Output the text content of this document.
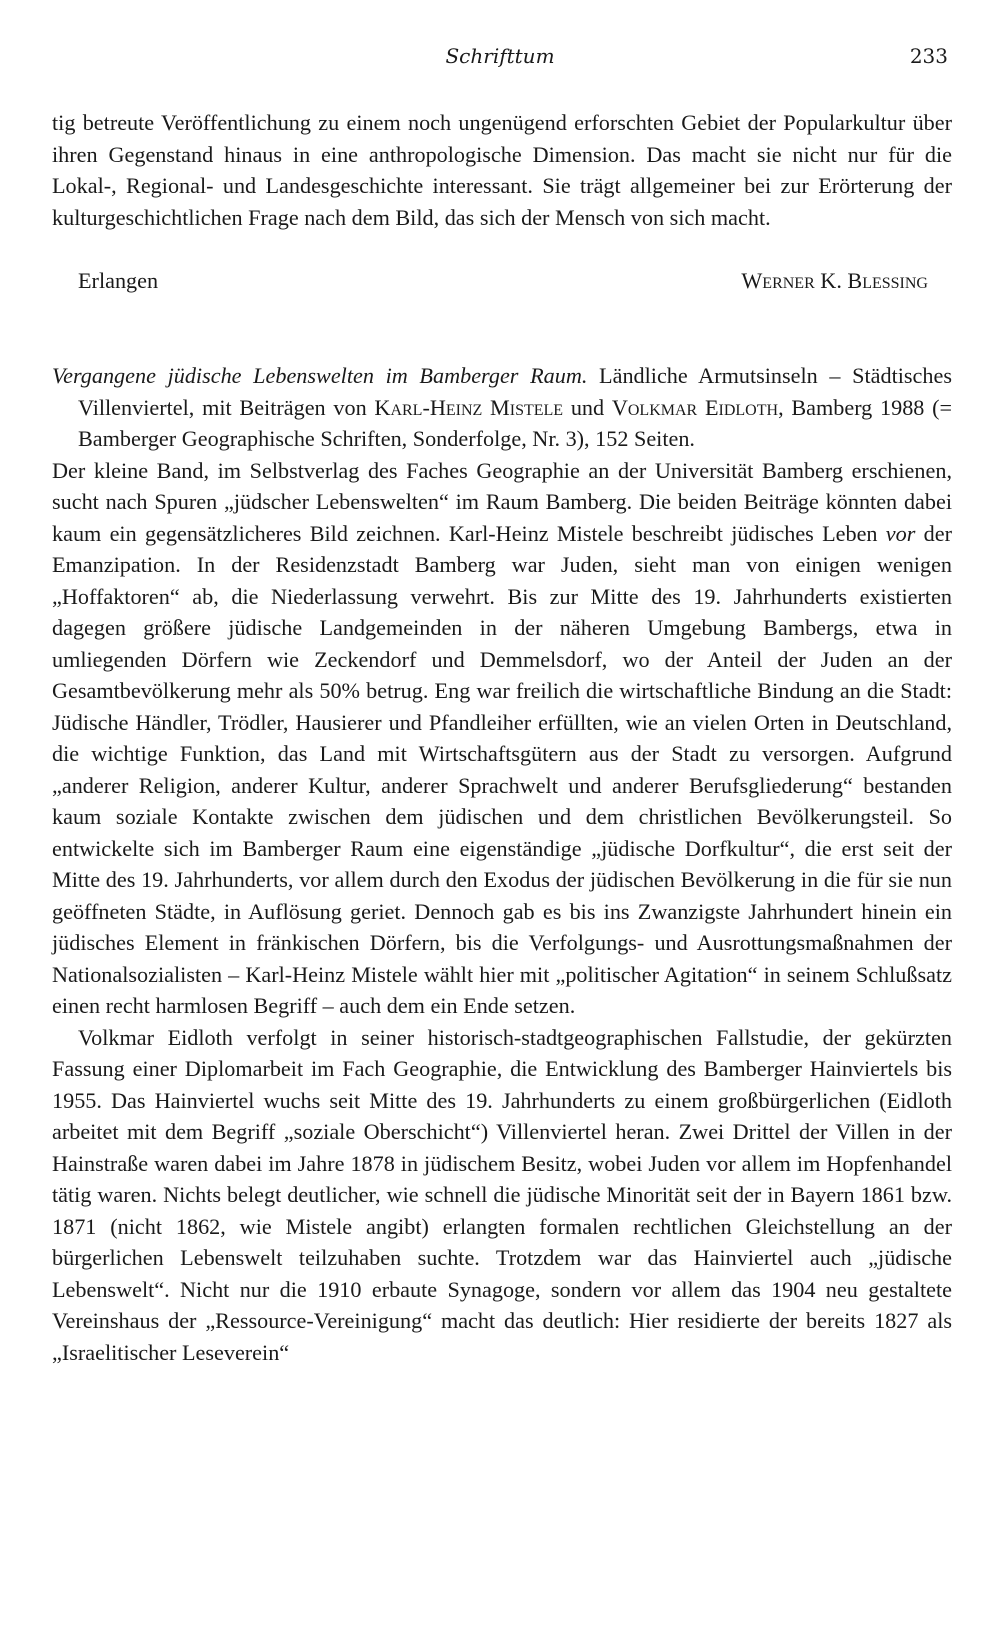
Schrifttum	233

tig betreute Veröffentlichung zu einem noch ungenügend erforschten Gebiet der Popularkultur über ihren Gegenstand hinaus in eine anthropologische Dimension. Das macht sie nicht nur für die Lokal-, Regional- und Landesgeschichte interessant. Sie trägt allgemeiner bei zur Erörterung der kulturgeschichtlichen Frage nach dem Bild, das sich der Mensch von sich macht.

Erlangen	Werner K. Blessing

Vergangene jüdische Lebenswelten im Bamberger Raum. Ländliche Armutsinseln – Städtisches Villenviertel, mit Beiträgen von Karl-Heinz Mistele und Volkmar Eidloth, Bamberg 1988 (= Bamberger Geographische Schriften, Sonderfolge, Nr. 3), 152 Seiten.

Der kleine Band, im Selbstverlag des Faches Geographie an der Universität Bamberg erschienen, sucht nach Spuren „jüdscher Lebenswelten“ im Raum Bamberg. Die beiden Beiträge könnten dabei kaum ein gegensätzlicheres Bild zeichnen. Karl-Heinz Mistele beschreibt jüdisches Leben vor der Emanzipation. In der Residenzstadt Bamberg war Juden, sieht man von einigen wenigen „Hoffaktoren“ ab, die Niederlassung verwehrt. Bis zur Mitte des 19. Jahrhunderts existierten dagegen größere jüdische Landgemeinden in der näheren Umgebung Bambergs, etwa in umliegenden Dörfern wie Zeckendorf und Demmelsdorf, wo der Anteil der Juden an der Gesamtbevölkerung mehr als 50% betrug. Eng war freilich die wirtschaftliche Bindung an die Stadt: Jüdische Händler, Trödler, Hausierer und Pfandleiher erfüllten, wie an vielen Orten in Deutschland, die wichtige Funktion, das Land mit Wirtschaftsgütern aus der Stadt zu versorgen. Aufgrund „anderer Religion, anderer Kultur, anderer Sprachwelt und anderer Berufsgliederung“ bestanden kaum soziale Kontakte zwischen dem jüdischen und dem christlichen Bevölkerungsteil. So entwickelte sich im Bamberger Raum eine eigenständige „jüdische Dorfkultur“, die erst seit der Mitte des 19. Jahrhunderts, vor allem durch den Exodus der jüdischen Bevölkerung in die für sie nun geöffneten Städte, in Auflösung geriet. Dennoch gab es bis ins Zwanzigste Jahrhundert hinein ein jüdisches Element in fränkischen Dörfern, bis die Verfolgungs- und Ausrottungsmaßnahmen der Nationalsozialisten – Karl-Heinz Mistele wählt hier mit „politischer Agitation“ in seinem Schlußsatz einen recht harmlosen Begriff – auch dem ein Ende setzen.

Volkmar Eidloth verfolgt in seiner historisch-stadtgeographischen Fallstudie, der gekürzten Fassung einer Diplomarbeit im Fach Geographie, die Entwicklung des Bamberger Hainviertels bis 1955. Das Hainviertel wuchs seit Mitte des 19. Jahrhunderts zu einem großbürgerlichen (Eidloth arbeitet mit dem Begriff „soziale Oberschicht“) Villenviertel heran. Zwei Drittel der Villen in der Hainstraße waren dabei im Jahre 1878 in jüdischem Besitz, wobei Juden vor allem im Hopfenhandel tätig waren. Nichts belegt deutlicher, wie schnell die jüdische Minorität seit der in Bayern 1861 bzw. 1871 (nicht 1862, wie Mistele angibt) erlangten formalen rechtlichen Gleichstellung an der bürgerlichen Lebenswelt teilzuhaben suchte. Trotzdem war das Hainviertel auch „jüdische Lebenswelt“. Nicht nur die 1910 erbaute Synagoge, sondern vor allem das 1904 neu gestaltete Vereinshaus der „Ressource-Vereinigung“ macht das deutlich: Hier residierte der bereits 1827 als „Israelitischer Leseverein“
